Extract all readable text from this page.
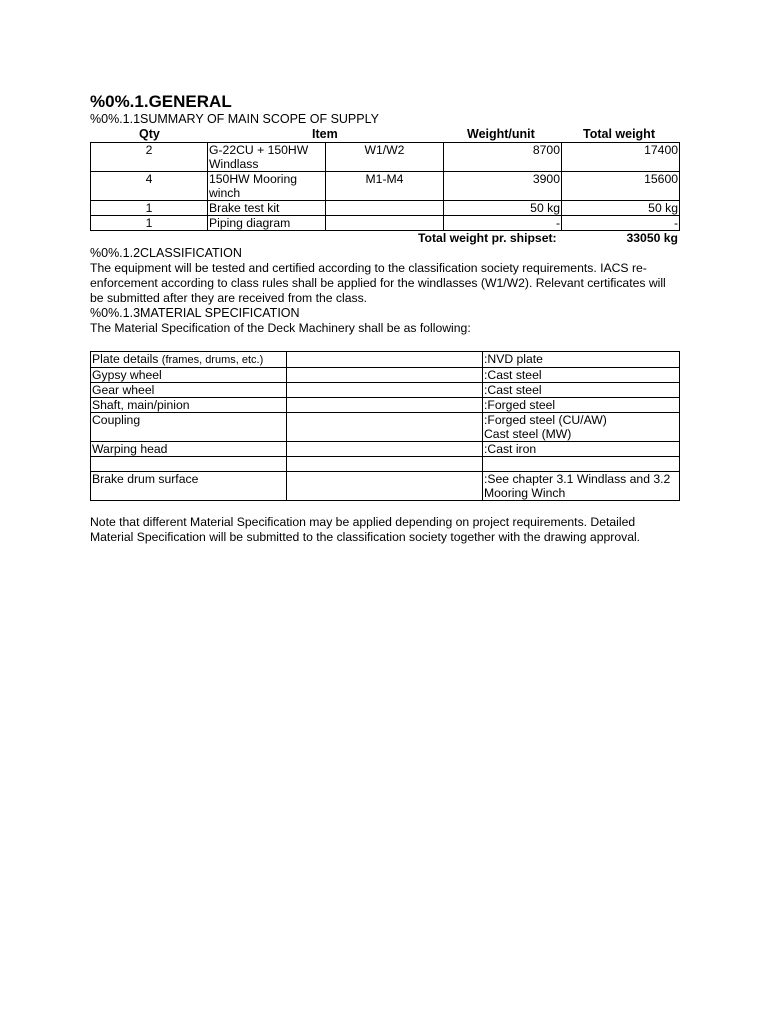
%0%.1.GENERAL
%0%.1.1SUMMARY OF MAIN SCOPE OF SUPPLY
Qty	Item	Weight/unit	Total weight
2	G-22CU + 150HW Windlass	W1/W2	8700	17400
4	150HW Mooring winch	M1-M4	3900	15600
1	Brake test kit		50 kg	50 kg
1	Piping diagram		-	-
Total weight pr. shipset:	33050 kg
%0%.1.2CLASSIFICATION
The equipment will be tested and certified according to the classification society requirements. IACS re-enforcement according to class rules shall be applied for the windlasses (W1/W2). Relevant certificates will be submitted after they are received from the class.
%0%.1.3MATERIAL SPECIFICATION
The Material Specification of the Deck Machinery shall be as following:
Plate details (frames, drums, etc.)		:NVD plate
Gypsy wheel		:Cast steel
Gear wheel		:Cast steel
Shaft, main/pinion		:Forged steel
Coupling		:Forged steel (CU/AW)
Cast steel (MW)

Warping head		:Cast iron

Brake drum surface		:See chapter 3.1 Windlass and 3.2
Mooring Winch
Note that different Material Specification may be applied depending on project requirements. Detailed Material Specification will be submitted to the classification society together with the drawing approval.
